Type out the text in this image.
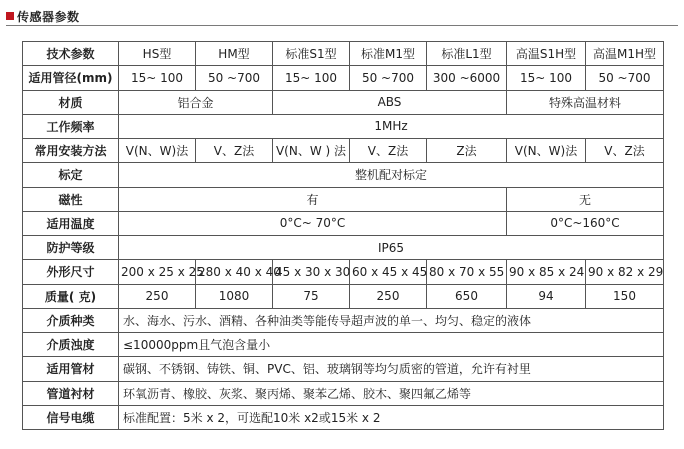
传感器参数
技术参数	HS型	HM型	标准S1型	标准M1型	标准L1型	高温S1H型	高温M1H型
适用管径(mm)	15~ 100	50 ~700	15~ 100	50 ~700	300 ~6000	15~ 100	50 ~700
材质	铝合金		ABS			特殊高温材料	
工作频率	1MHz						
常用安装方法	V(N、W)法	V、Z法	V(N、W ) 法	V、Z法	Z法	V(N、W)法	V、Z法
标定	整机配对标定						
磁性	有					无	
适用温度	0°C~ 70°C					0°C~160°C	
防护等级	IP65						
外形尺寸	200 x 25 x 25	280 x 40 x 40	45 x 30 x 30	60 x 45 x 45	80 x 70 x 55	90 x 85 x 24	90 x 82 x 29
质量( 克)	250	1080	75	250	650	94	150
介质种类	水、海水、污水、酒精、各种油类等能传导超声波的单一、均匀、稳定的液体						
介质浊度	≤10000ppm且气泡含量小						
适用管材	碳钢、不锈钢、铸铁、铜、PVC、铝、玻璃钢等均匀质密的管道，允许有衬里						
管道衬材	环氧沥青、橡胶、灰浆、聚丙烯、聚苯乙烯、胶木、聚四氟乙烯等						
信号电缆	标准配置：5米 x 2，可选配10米 x2或15米 x 2						
